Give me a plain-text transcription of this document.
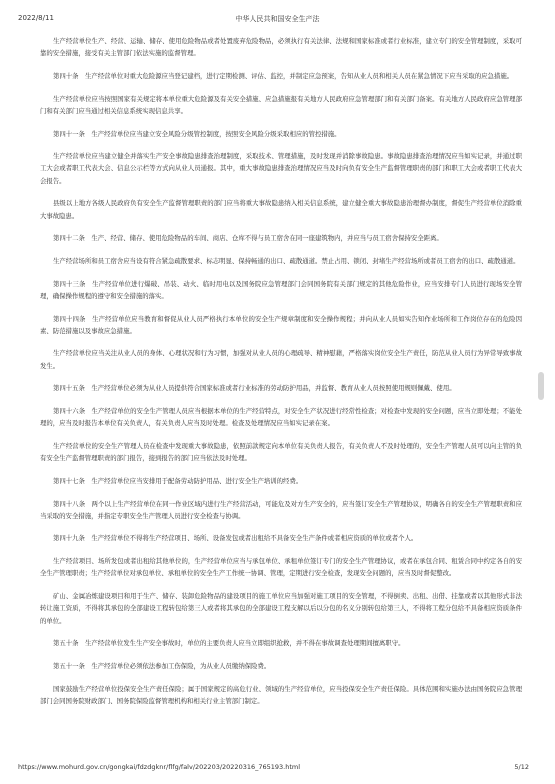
2022/8/11	中华人民共和国安全生产法

生产经营单位生产、经营、运输、储存、使用危险物品或者处置废弃危险物品，必须执行有关法律、法规和国家标准或者行业标准，建立专门的安全管理制度，采取可靠的安全措施，接受有关主管部门依法实施的监督管理。

第四十条　生产经营单位对重大危险源应当登记建档，进行定期检测、评估、监控，并制定应急预案，告知从业人员和相关人员在紧急情况下应当采取的应急措施。

生产经营单位应当按照国家有关规定将本单位重大危险源及有关安全措施、应急措施报有关地方人民政府应急管理部门和有关部门备案。有关地方人民政府应急管理部门和有关部门应当通过相关信息系统实现信息共享。

第四十一条　生产经营单位应当建立安全风险分级管控制度，按照安全风险分级采取相应的管控措施。

生产经营单位应当建立健全并落实生产安全事故隐患排查治理制度，采取技术、管理措施，及时发现并消除事故隐患。事故隐患排查治理情况应当如实记录，并通过职工大会或者职工代表大会、信息公示栏等方式向从业人员通报。其中，重大事故隐患排查治理情况应当及时向负有安全生产监督管理职责的部门和职工大会或者职工代表大会报告。

县级以上地方各级人民政府负有安全生产监督管理职责的部门应当将重大事故隐患纳入相关信息系统，建立健全重大事故隐患治理督办制度，督促生产经营单位消除重大事故隐患。

第四十二条　生产、经营、储存、使用危险物品的车间、商店、仓库不得与员工宿舍在同一座建筑物内，并应当与员工宿舍保持安全距离。

生产经营场所和员工宿舍应当设有符合紧急疏散要求、标志明显、保持畅通的出口、疏散通道。禁止占用、锁闭、封堵生产经营场所或者员工宿舍的出口、疏散通道。

第四十三条　生产经营单位进行爆破、吊装、动火、临时用电以及国务院应急管理部门会同国务院有关部门规定的其他危险作业，应当安排专门人员进行现场安全管理，确保操作规程的遵守和安全措施的落实。

第四十四条　生产经营单位应当教育和督促从业人员严格执行本单位的安全生产规章制度和安全操作规程；并向从业人员如实告知作业场所和工作岗位存在的危险因素、防范措施以及事故应急措施。

生产经营单位应当关注从业人员的身体、心理状况和行为习惯，加强对从业人员的心理疏导、精神慰藉，严格落实岗位安全生产责任，防范从业人员行为异常导致事故发生。

第四十五条　生产经营单位必须为从业人员提供符合国家标准或者行业标准的劳动防护用品，并监督、教育从业人员按照使用规则佩戴、使用。

第四十六条　生产经营单位的安全生产管理人员应当根据本单位的生产经营特点，对安全生产状况进行经常性检查；对检查中发现的安全问题，应当立即处理；不能处理的，应当及时报告本单位有关负责人，有关负责人应当及时处理。检查及处理情况应当如实记录在案。

生产经营单位的安全生产管理人员在检查中发现重大事故隐患，依照前款规定向本单位有关负责人报告，有关负责人不及时处理的，安全生产管理人员可以向主管的负有安全生产监督管理职责的部门报告，接到报告的部门应当依法及时处理。

第四十七条　生产经营单位应当安排用于配备劳动防护用品、进行安全生产培训的经费。

第四十八条　两个以上生产经营单位在同一作业区域内进行生产经营活动，可能危及对方生产安全的，应当签订安全生产管理协议，明确各自的安全生产管理职责和应当采取的安全措施，并指定专职安全生产管理人员进行安全检查与协调。

第四十九条　生产经营单位不得将生产经营项目、场所、设备发包或者出租给不具备安全生产条件或者相应资质的单位或者个人。

生产经营项目、场所发包或者出租给其他单位的，生产经营单位应当与承包单位、承租单位签订专门的安全生产管理协议，或者在承包合同、租赁合同中约定各自的安全生产管理职责；生产经营单位对承包单位、承租单位的安全生产工作统一协调、管理，定期进行安全检查，发现安全问题的，应当及时督促整改。

矿山、金属冶炼建设项目和用于生产、储存、装卸危险物品的建设项目的施工单位应当加强对施工项目的安全管理，不得倒卖、出租、出借、挂靠或者以其他形式非法转让施工资质，不得将其承包的全部建设工程转包给第三人或者将其承包的全部建设工程支解以后以分包的名义分别转包给第三人，不得将工程分包给不具备相应资质条件的单位。

第五十条　生产经营单位发生生产安全事故时，单位的主要负责人应当立即组织抢救，并不得在事故调查处理期间擅离职守。

第五十一条　生产经营单位必须依法参加工伤保险，为从业人员缴纳保险费。

国家鼓励生产经营单位投保安全生产责任保险；属于国家规定的高危行业、领域的生产经营单位，应当投保安全生产责任保险。具体范围和实施办法由国务院应急管理部门会同国务院财政部门、国务院保险监督管理机构和相关行业主管部门制定。

https://www.mohurd.gov.cn/gongkai/fdzdgknr/flfg/falv/202203/20220316_765193.html	5/12
